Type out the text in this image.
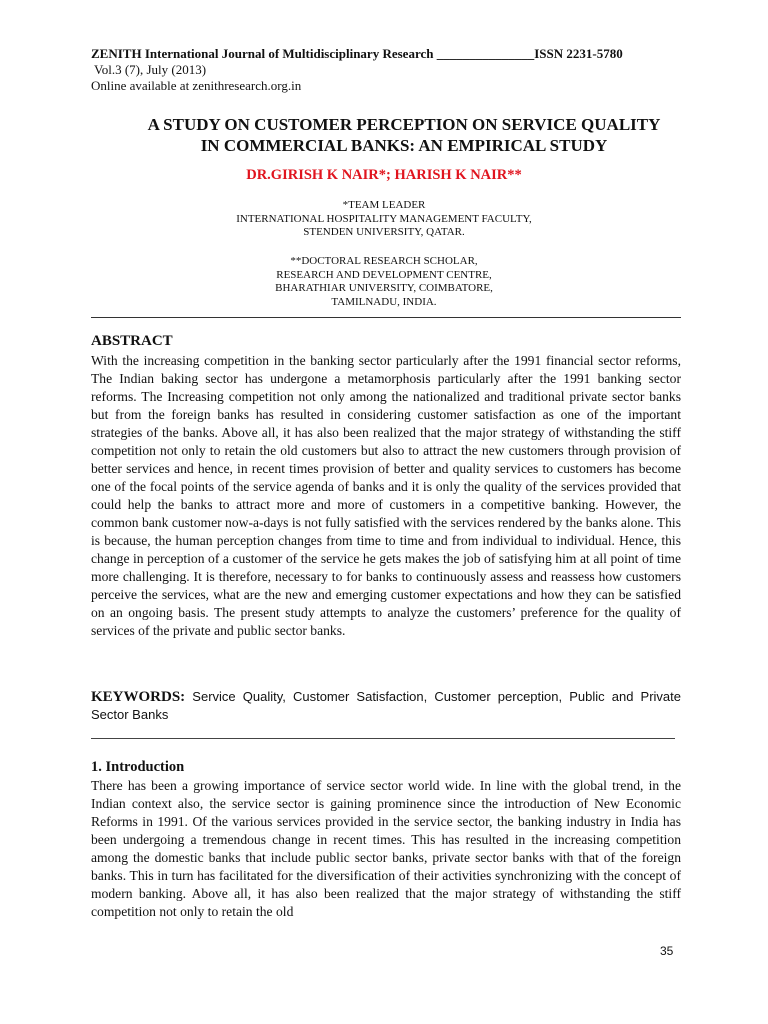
ZENITH International Journal of Multidisciplinary Research _______________ISSN 2231-5780
Vol.3 (7), July (2013)
Online available at zenithresearch.org.in
A STUDY ON CUSTOMER PERCEPTION ON SERVICE QUALITY
IN COMMERCIAL BANKS: AN EMPIRICAL STUDY
DR.GIRISH K NAIR*; HARISH K NAIR**
*TEAM LEADER
INTERNATIONAL HOSPITALITY MANAGEMENT FACULTY,
STENDEN UNIVERSITY, QATAR.
**DOCTORAL RESEARCH SCHOLAR,
RESEARCH AND DEVELOPMENT CENTRE,
BHARATHIAR UNIVERSITY, COIMBATORE,
TAMILNADU, INDIA.
ABSTRACT
With the increasing competition in the banking sector particularly after the 1991 financial sector reforms, The Indian baking sector has undergone a metamorphosis particularly after the 1991 banking sector reforms. The Increasing competition not only among the nationalized and traditional private sector banks but from the foreign banks has resulted in considering customer satisfaction as one of the important strategies of the banks. Above all, it has also been realized that the major strategy of withstanding the stiff competition not only to retain the old customers but also to attract the new customers through provision of better services and hence, in recent times provision of better and quality services to customers has become one of the focal points of the service agenda of banks and it is only the quality of the services provided that could help the banks to attract more and more of customers in a competitive banking. However, the common bank customer now-a-days is not fully satisfied with the services rendered by the banks alone. This is because, the human perception changes from time to time and from individual to individual. Hence, this change in perception of a customer of the service he gets makes the job of satisfying him at all point of time more challenging. It is therefore, necessary to for banks to continuously assess and reassess how customers perceive the services, what are the new and emerging customer expectations and how they can be satisfied on an ongoing basis. The present study attempts to analyze the customers’ preference for the quality of services of the private and public sector banks.
KEYWORDS: Service Quality, Customer Satisfaction, Customer perception, Public and Private Sector Banks
1. Introduction
There has been a growing importance of service sector world wide. In line with the global trend, in the Indian context also, the service sector is gaining prominence since the introduction of New Economic Reforms in 1991. Of the various services provided in the service sector, the banking industry in India has been undergoing a tremendous change in recent times. This has resulted in the increasing competition among the domestic banks that include public sector banks, private sector banks with that of the foreign banks. This in turn has facilitated for the diversification of their activities synchronizing with the concept of modern banking. Above all, it has also been realized that the major strategy of withstanding the stiff competition not only to retain the old
35
